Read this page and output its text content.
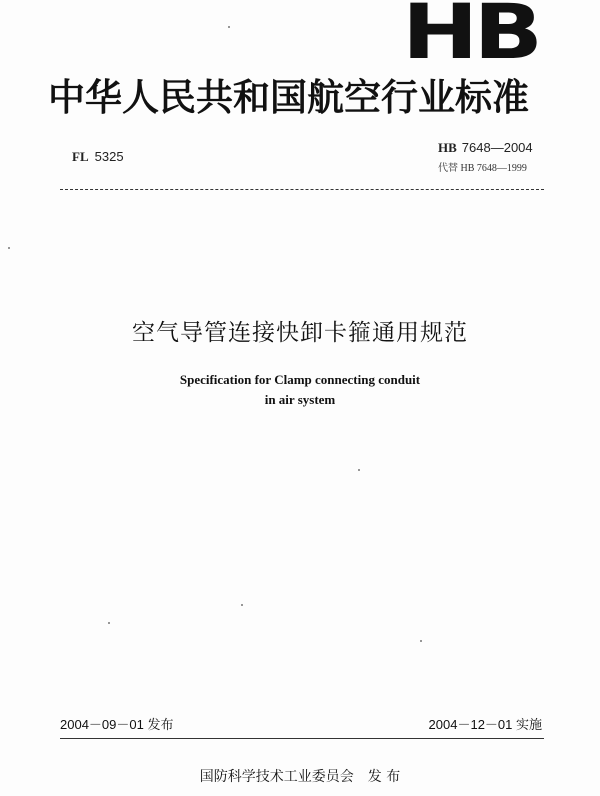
HB
中华人民共和国航空行业标准
FL 5325
HB 7648—2004
代替 HB 7648—1999
空气导管连接快卸卡箍通用规范
Specification for Clamp connecting conduit
in air system
2004－09－01 发布	2004－12－01 实施
国防科学技术工业委员会　发 布
